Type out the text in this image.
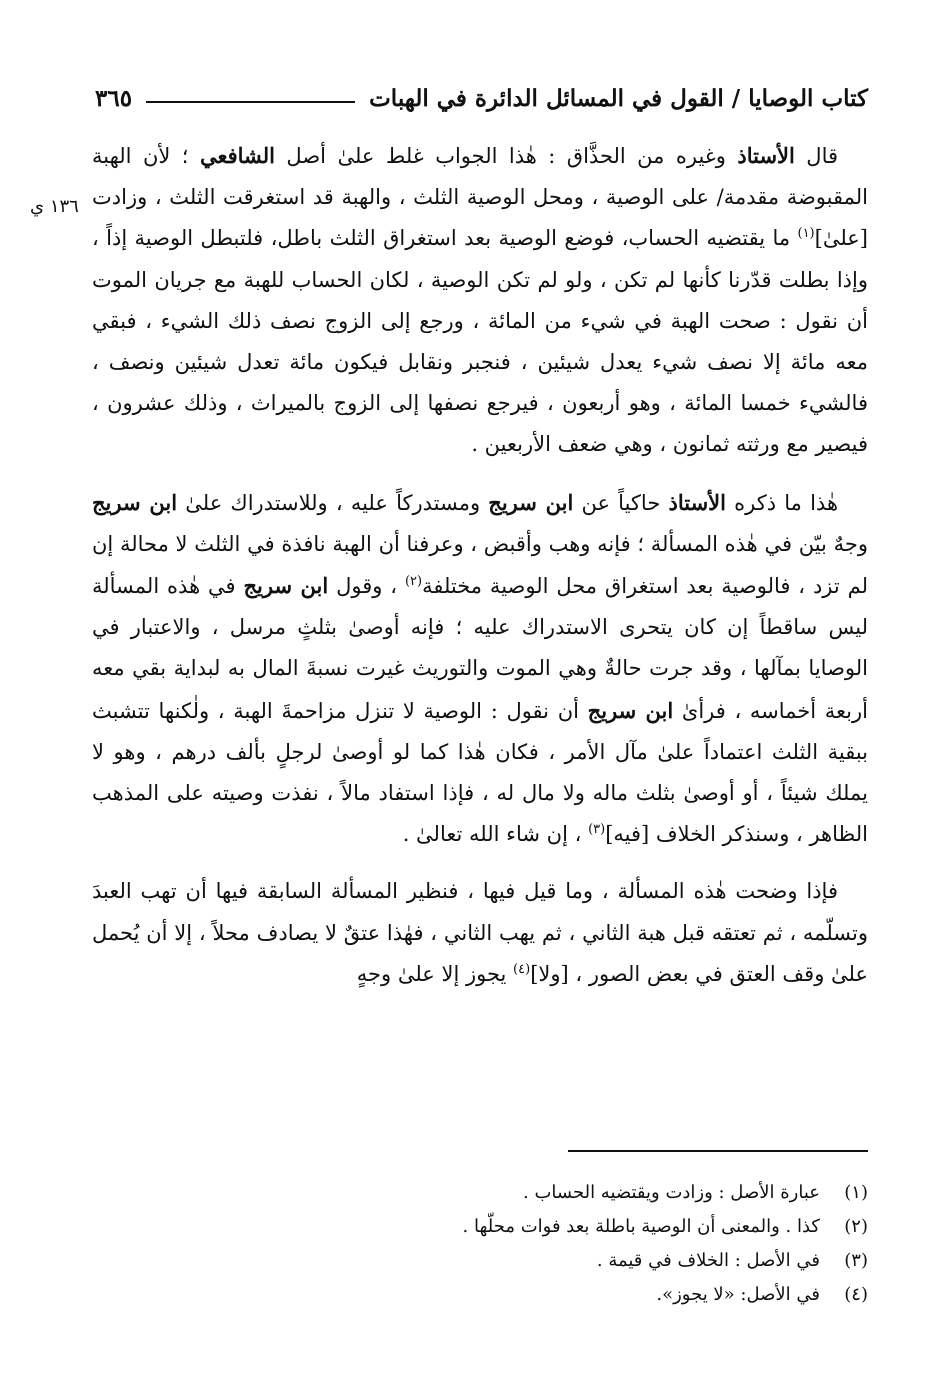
كتاب الوصايا / القول في المسائل الدائرة في الهبات
٣٦٥
١٣٦ ي

قال الأستاذ وغيره من الحذَّاق : هٰذا الجواب غلط علىٰ أصل الشافعي ؛ لأن الهبة المقبوضة مقدمة/ على الوصية ، ومحل الوصية الثلث ، والهبة قد استغرقت الثلث ، وزادت [علىٰ]$^{(١)}$ ما يقتضيه الحساب، فوضع الوصية بعد استغراق الثلث باطل، فلتبطل الوصية إذاً ، وإذا بطلت قدّرنا كأنها لم تكن ، ولو لم تكن الوصية ، لكان الحساب للهبة مع جريان الموت أن نقول : صحت الهبة في شيء من المائة ، ورجع إلى الزوج نصف ذلك الشيء ، فبقي معه مائة إلا نصف شيء يعدل شيئين ، فنجبر ونقابل فيكون مائة تعدل شيئين ونصف ، فالشيء خمسا المائة ، وهو أربعون ، فيرجع نصفها إلى الزوج بالميراث ، وذلك عشرون ، فيصير مع ورثته ثمانون ، وهي ضعف الأربعين .

هٰذا ما ذكره الأستاذ حاكياً عن ابن سريج ومستدركاً عليه ، وللاستدراك علىٰ ابن سريج وجهٌ بيّن في هٰذه المسألة ؛ فإنه وهب وأقبض ، وعرفنا أن الهبة نافذة في الثلث لا محالة إن لم تزد ، فالوصية بعد استغراق محل الوصية مختلفة$^{(٢)}$ ، وقول ابن سريج في هٰذه المسألة ليس ساقطاً إن كان يتحرى الاستدراك عليه ؛ فإنه أوصىٰ بثلثٍ مرسل ، والاعتبار في الوصايا بمآلها ، وقد جرت حالةٌ وهي الموت والتوريث غيرت نسبةَ المال به لبداية بقي معه أربعة أخماسه ، فرأىٰ ابن سريج أن نقول : الوصية لا تنزل مزاحمةَ الهبة ، ولٰكنها تتشبث ببقية الثلث اعتماداً علىٰ مآل الأمر ، فكان هٰذا كما لو أوصىٰ لرجلٍ بألف درهم ، وهو لا يملك شيئاً ، أو أوصىٰ بثلث ماله ولا مال له ، فإذا استفاد مالاً ، نفذت وصيته على المذهب الظاهر ، وسنذكر الخلاف [فيه]$^{(٣)}$ ، إن شاء الله تعالىٰ .

فإذا وضحت هٰذه المسألة ، وما قيل فيها ، فنظير المسألة السابقة فيها أن تهب العبدَ وتسلّمه ، ثم تعتقه قبل هبة الثاني ، ثم يهب الثاني ، فهٰذا عتقٌ لا يصادف محلاً ، إلا أن يُحمل علىٰ وقف العتق في بعض الصور ، [ولا]$^{(٤)}$ يجوز إلا علىٰ وجهٍ

(١)
عبارة الأصل : وزادت ويقتضيه الحساب .
(٢)
كذا . والمعنى أن الوصية باطلة بعد فوات محلّها .
(٣)
في الأصل : الخلاف في قيمة .
(٤)
في الأصل: «لا يجوز».
